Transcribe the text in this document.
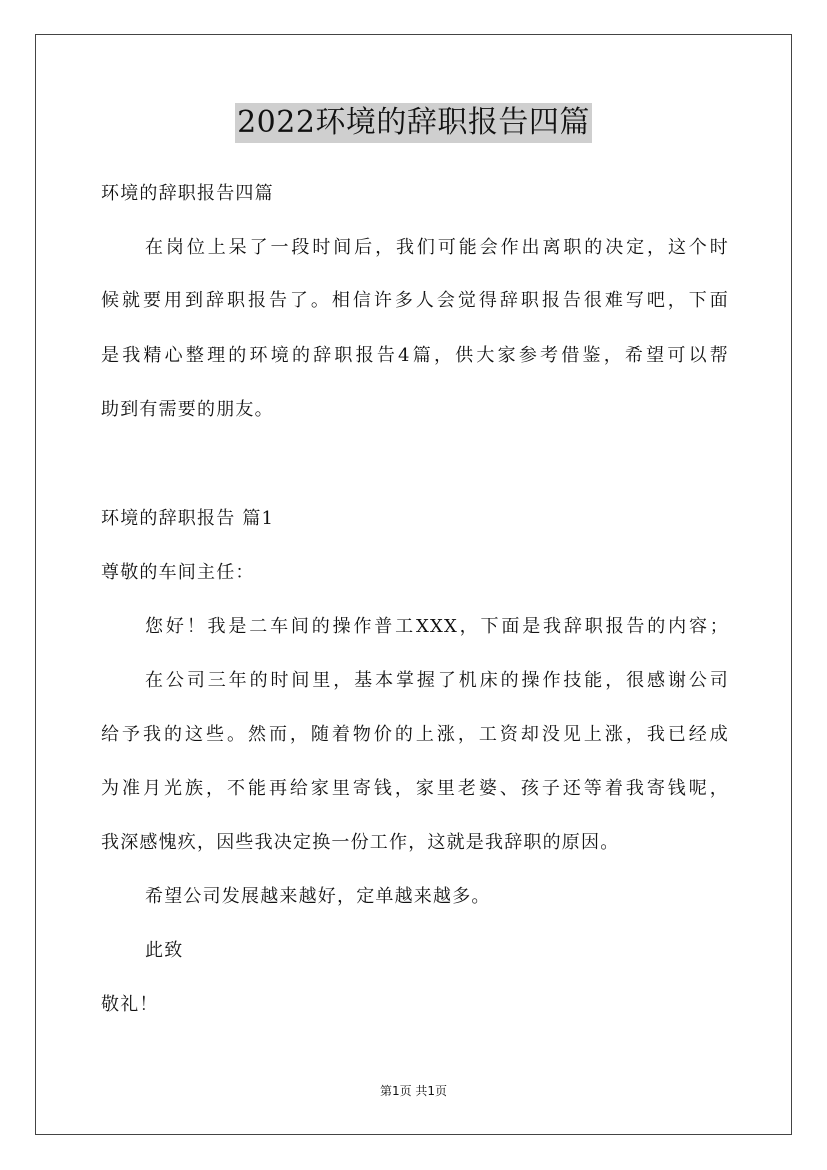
2022环境的辞职报告四篇
环境的辞职报告四篇
在岗位上呆了一段时间后，我们可能会作出离职的决定，这个时
候就要用到辞职报告了。相信许多人会觉得辞职报告很难写吧，下面
是我精心整理的环境的辞职报告4篇，供大家参考借鉴，希望可以帮
助到有需要的朋友。
环境的辞职报告 篇1
尊敬的车间主任：
您好！我是二车间的操作普工XXX，下面是我辞职报告的内容；
在公司三年的时间里，基本掌握了机床的操作技能，很感谢公司
给予我的这些。然而，随着物价的上涨，工资却没见上涨，我已经成
为准月光族，不能再给家里寄钱，家里老婆、孩子还等着我寄钱呢，
我深感愧疚，因些我决定换一份工作，这就是我辞职的原因。
希望公司发展越来越好，定单越来越多。
此致
敬礼！
第1页 共1页
